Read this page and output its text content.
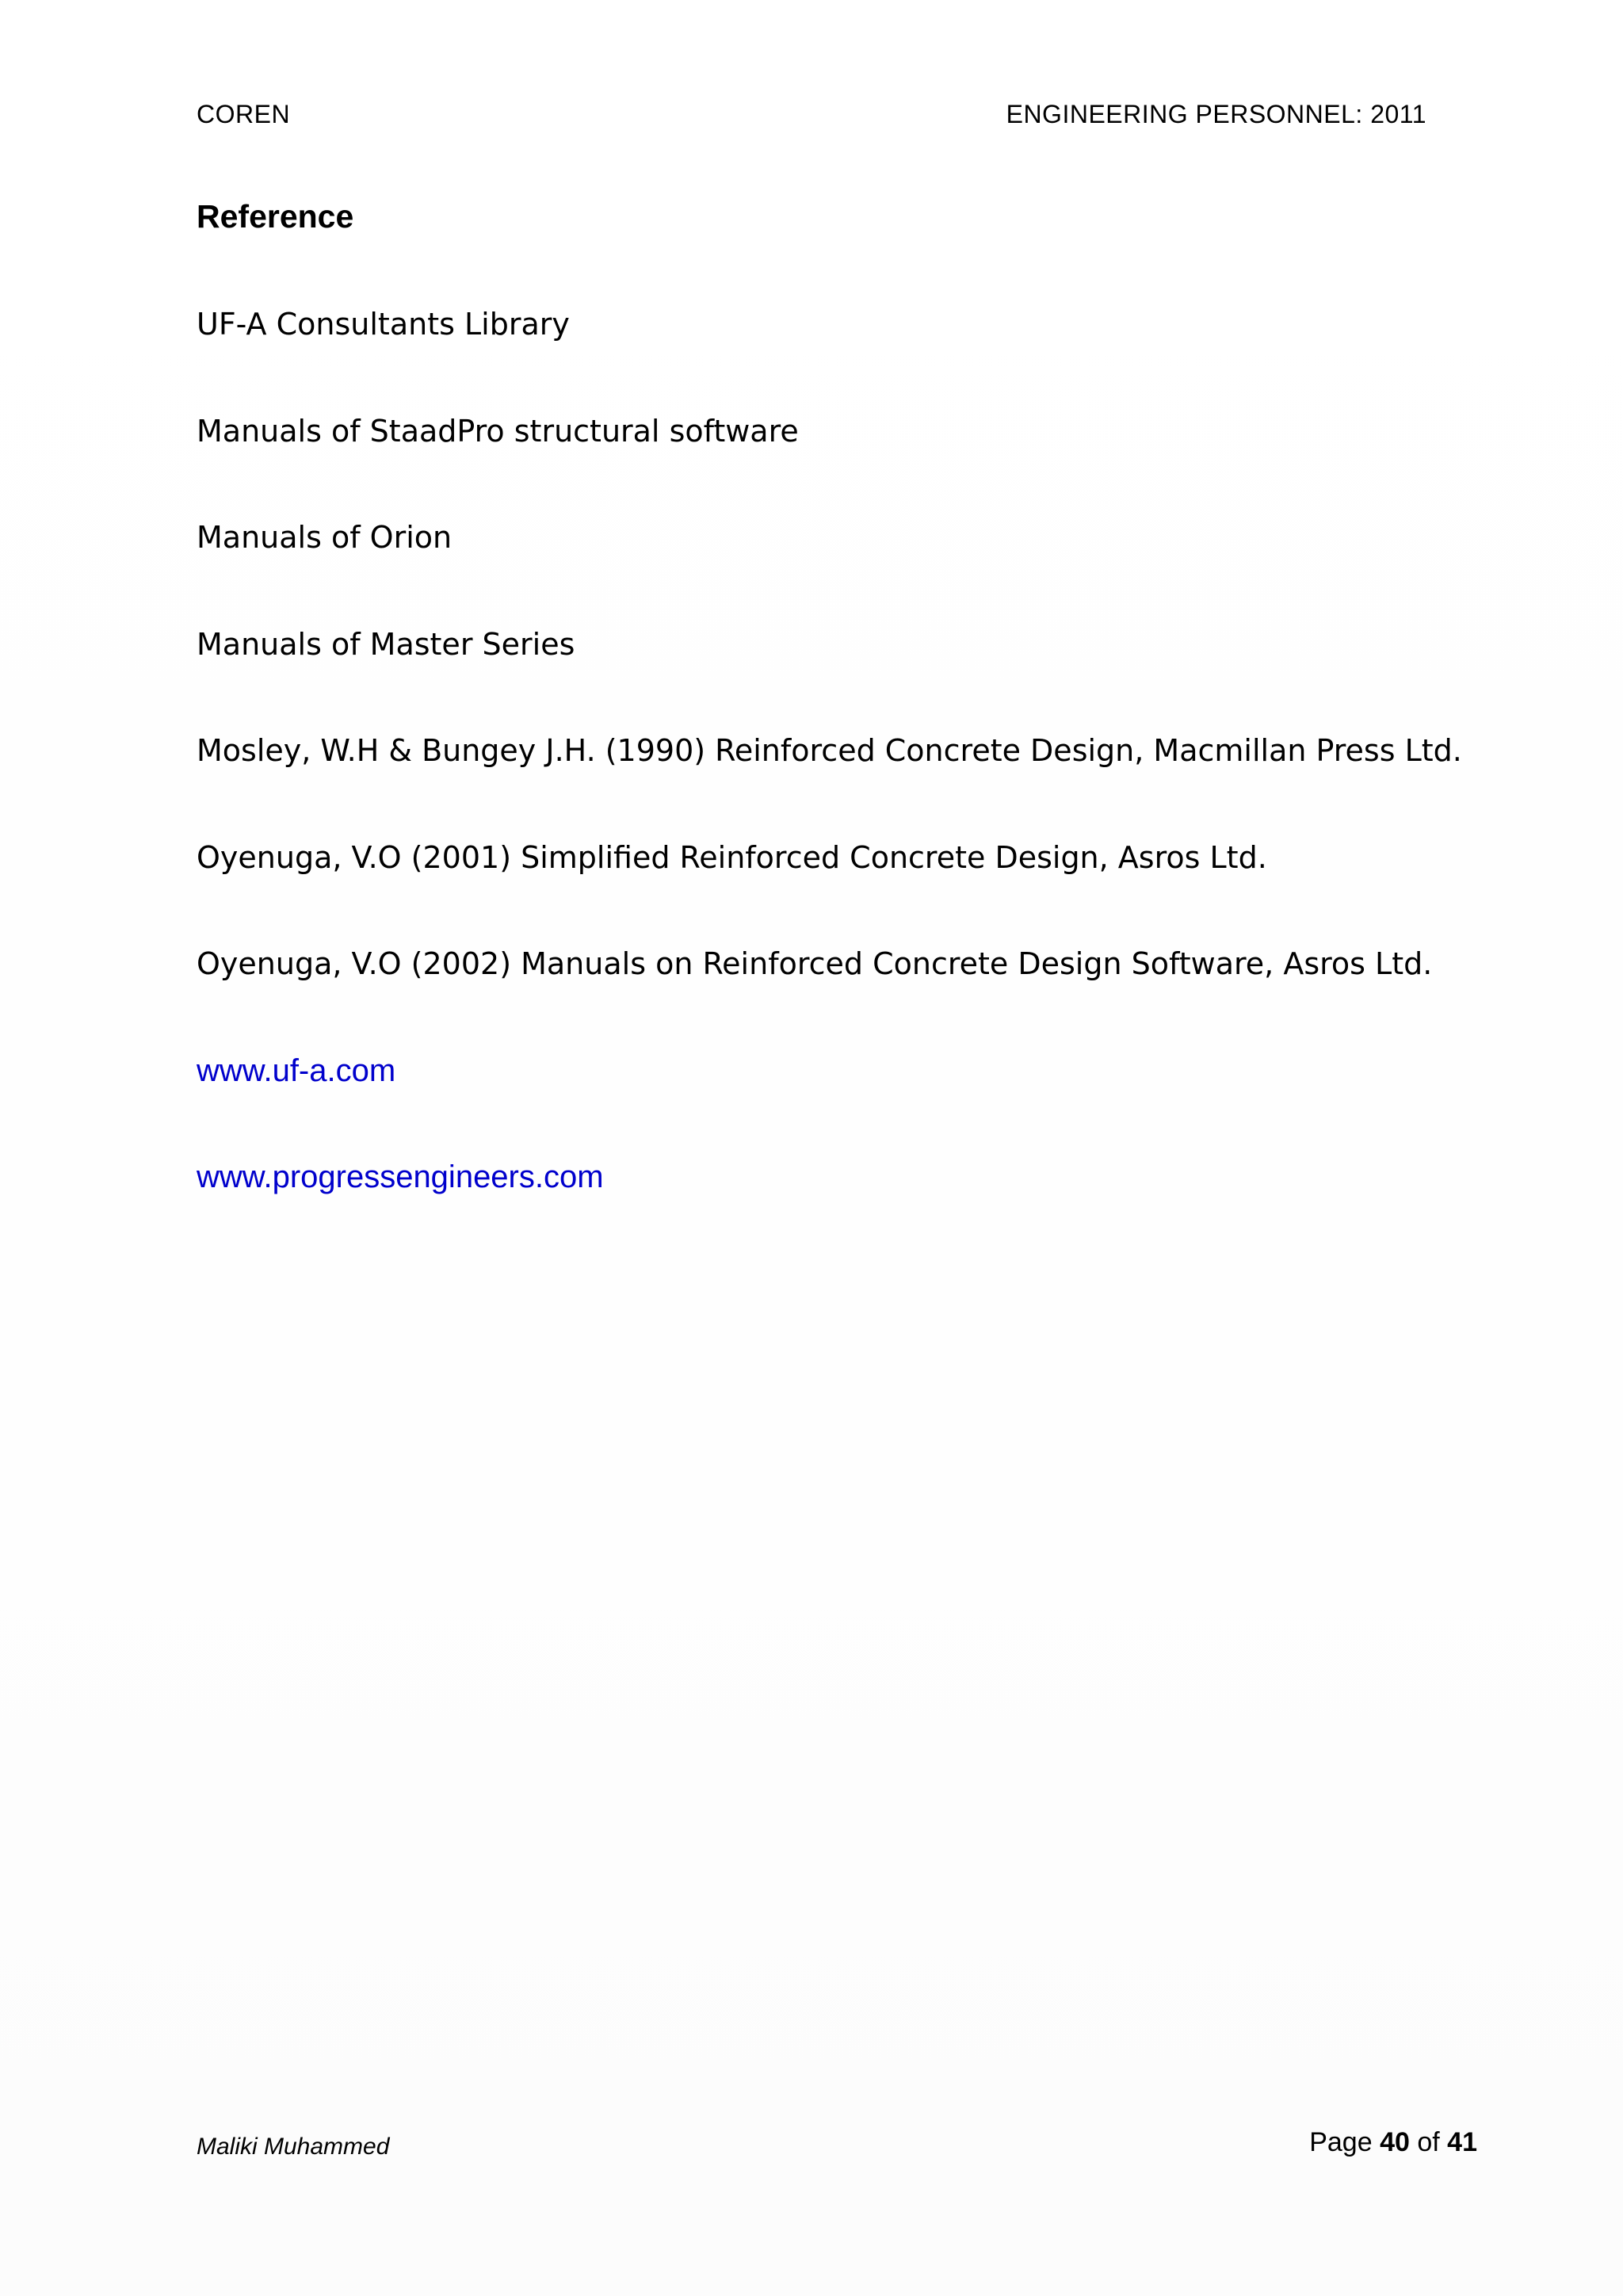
COREN	ENGINEERING PERSONNEL: 2011
Reference
UF-A Consultants Library
Manuals of StaadPro structural software
Manuals of Orion
Manuals of Master Series
Mosley, W.H & Bungey J.H. (1990) Reinforced Concrete Design, Macmillan Press Ltd.
Oyenuga, V.O (2001) Simplified Reinforced Concrete Design, Asros Ltd.
Oyenuga, V.O (2002) Manuals on Reinforced Concrete Design Software, Asros Ltd.
www.uf-a.com
www.progressengineers.com
Maliki Muhammed	Page 40 of 41
